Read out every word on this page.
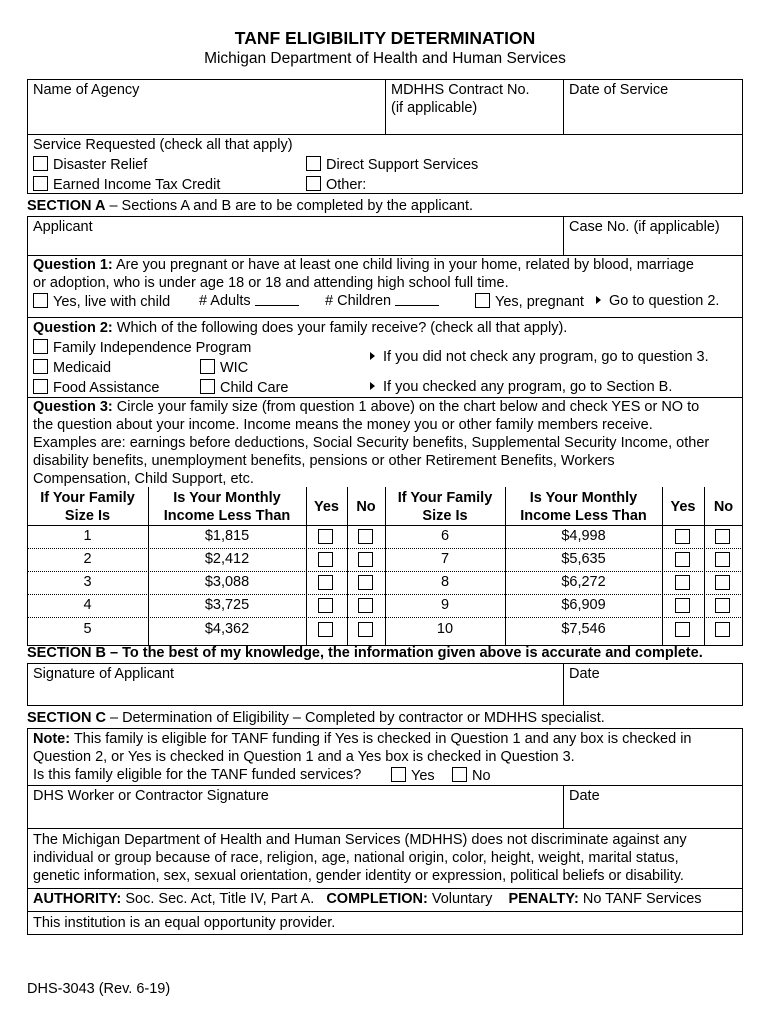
TANF ELIGIBILITY DETERMINATION
Michigan Department of Health and Human Services
Name of Agency	MDHHS Contract No.
(if applicable)
Date of Service
Service Requested (check all that apply)
Disaster Relief
Earned Income Tax Credit
Direct Support Services
Other:
SECTION A – Sections A and B are to be completed by the applicant.
Applicant	Case No. (if applicable)
Question 1: Are you pregnant or have at least one child living in your home, related by blood, marriage
or adoption, who is under age 18 or 18 and attending high school full time.
Yes, live with child # Adults	# Children	Yes, pregnant	Go to question 2.
Question 2: Which of the following does your family receive? (check all that apply).
Family Independence Program
Medicaid	WIC
Food Assistance	Child Care
If you did not check any program, go to question 3.
If you checked any program, go to Section B.
Question 3: Circle your family size (from question 1 above) on the chart below and check YES or NO to
the question about your income. Income means the money you or other family members receive.
Examples are: earnings before deductions, Social Security benefits, Supplemental Security Income, other
disability benefits, unemployment benefits, pensions or other Retirement Benefits, Workers
Compensation, Child Support, etc.
If Your Family
Size Is
Is Your Monthly
Income Less Than
Yes	No
If Your Family
Size Is
Is Your Monthly
Income Less Than
Yes	No
1	$1,815	6	$4,998
2	$2,412	7	$5,635
3	$3,088	8	$6,272
4	$3,725	9	$6,909
5	$4,362	10	$7,546
SECTION B – To the best of my knowledge, the information given above is accurate and complete.
Signature of Applicant	Date
SECTION C – Determination of Eligibility – Completed by contractor or MDHHS specialist.
Note: This family is eligible for TANF funding if Yes is checked in Question 1 and any box is checked in
Question 2, or Yes is checked in Question 1 and a Yes box is checked in Question 3.
Is this family eligible for the TANF funded services?	Yes	No
DHS Worker or Contractor Signature	Date
The Michigan Department of Health and Human Services (MDHHS) does not discriminate against any
individual or group because of race, religion, age, national origin, color, height, weight, marital status,
genetic information, sex, sexual orientation, gender identity or expression, political beliefs or disability.
AUTHORITY: Soc. Sec. Act, Title IV, Part A. COMPLETION: Voluntary PENALTY: No TANF Services
This institution is an equal opportunity provider.
DHS-3043 (Rev. 6-19)
